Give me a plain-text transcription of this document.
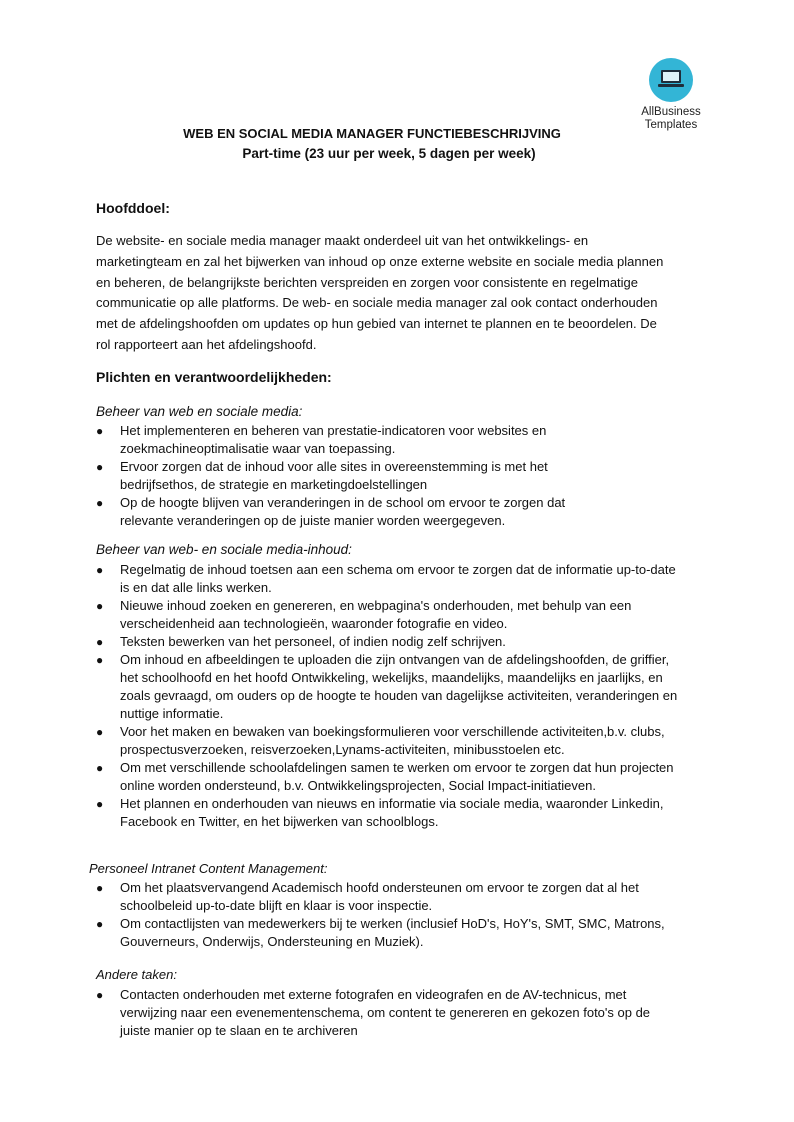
AllBusiness
Templates
WEB EN SOCIAL MEDIA MANAGER FUNCTIEBESCHRIJVING
Part-time (23 uur per week, 5 dagen per week)
Hoofddoel:
De website- en sociale media manager maakt onderdeel uit van het ontwikkelings- en
marketingteam en zal het bijwerken van inhoud op onze externe website en sociale media plannen
en beheren, de belangrijkste berichten verspreiden en zorgen voor consistente en regelmatige
communicatie op alle platforms. De web- en sociale media manager zal ook contact onderhouden
met de afdelingshoofden om updates op hun gebied van internet te plannen en te beoordelen. De
rol rapporteert aan het afdelingshoofd.
Plichten en verantwoordelijkheden:
Beheer van web en sociale media:
● Het implementeren en beheren van prestatie-indicatoren voor websites en
zoekmachineoptimalisatie waar van toepassing.
● Ervoor zorgen dat de inhoud voor alle sites in overeenstemming is met het
bedrijfsethos, de strategie en marketingdoelstellingen
● Op de hoogte blijven van veranderingen in de school om ervoor te zorgen dat
relevante veranderingen op de juiste manier worden weergegeven.
Beheer van web- en sociale media-inhoud:
● Regelmatig de inhoud toetsen aan een schema om ervoor te zorgen dat de informatie up-to-date
is en dat alle links werken.
● Nieuwe inhoud zoeken en genereren, en webpagina's onderhouden, met behulp van een
verscheidenheid aan technologieën, waaronder fotografie en video.
● Teksten bewerken van het personeel, of indien nodig zelf schrijven.
● Om inhoud en afbeeldingen te uploaden die zijn ontvangen van de afdelingshoofden, de griffier,
het schoolhoofd en het hoofd Ontwikkeling, wekelijks, maandelijks, maandelijks en jaarlijks, en
zoals gevraagd, om ouders op de hoogte te houden van dagelijkse activiteiten, veranderingen en
nuttige informatie.
● Voor het maken en bewaken van boekingsformulieren voor verschillende activiteiten,b.v. clubs,
prospectusverzoeken, reisverzoeken,Lynams-activiteiten, minibusstoelen etc.
● Om met verschillende schoolafdelingen samen te werken om ervoor te zorgen dat hun projecten
online worden ondersteund, b.v. Ontwikkelingsprojecten, Social Impact-initiatieven.
● Het plannen en onderhouden van nieuws en informatie via sociale media, waaronder Linkedin,
Facebook en Twitter, en het bijwerken van schoolblogs.
Personeel Intranet Content Management:
● Om het plaatsvervangend Academisch hoofd ondersteunen om ervoor te zorgen dat al het
schoolbeleid up-to-date blijft en klaar is voor inspectie.
● Om contactlijsten van medewerkers bij te werken (inclusief HoD's, HoY's, SMT, SMC, Matrons,
Gouverneurs, Onderwijs, Ondersteuning en Muziek).
Andere taken:
● Contacten onderhouden met externe fotografen en videografen en de AV-technicus, met
verwijzing naar een evenementenschema, om content te genereren en gekozen foto's op de
juiste manier op te slaan en te archiveren
